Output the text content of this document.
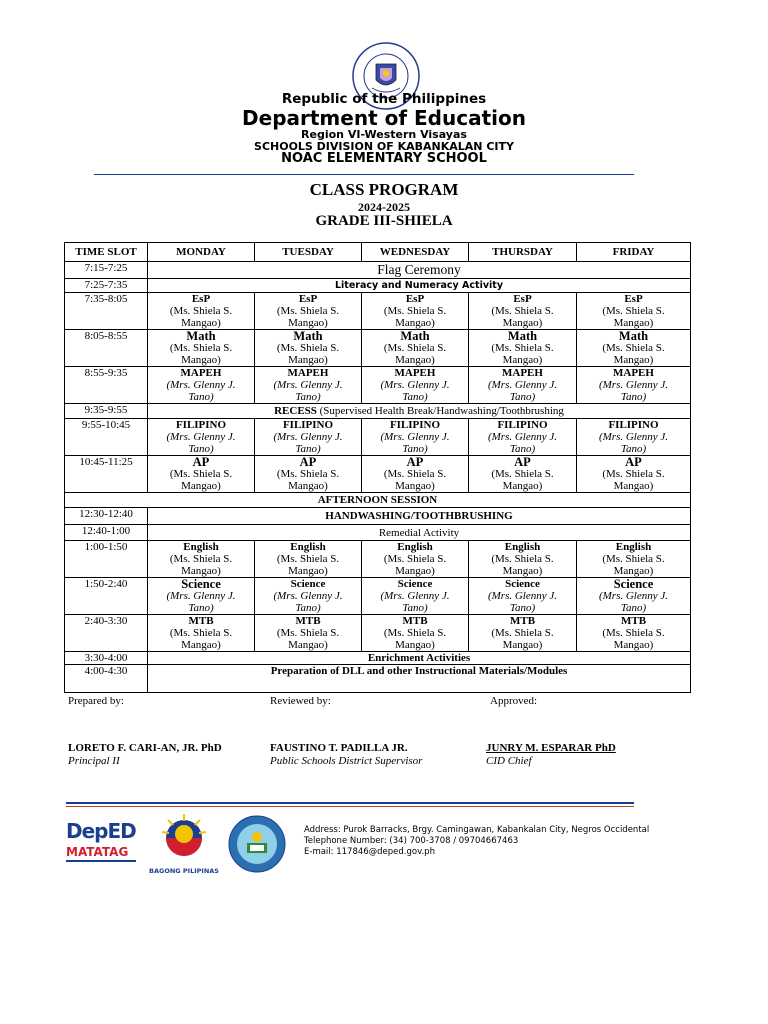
Republic of the Philippines
Department of Education
Region VI-Western Visayas
SCHOOLS DIVISION OF KABANKALAN CITY
NOAC ELEMENTARY SCHOOL
CLASS PROGRAM
2024-2025
GRADE III-SHIELA
TIME SLOT	MONDAY	TUESDAY	WEDNESDAY	THURSDAY	FRIDAY
7:15-7:25	Flag Ceremony				
7:25-7:35	Literacy and Numeracy Activity				
7:35-8:05	EsP
(Ms. Shiela S.
Mangao)	EsP
(Ms. Shiela S.
Mangao)	EsP
(Ms. Shiela S.
Mangao)	EsP
(Ms. Shiela S.
Mangao)	EsP
(Ms. Shiela S.
Mangao)

8:05-8:55	Math
(Ms. Shiela S.
Mangao)	Math
(Ms. Shiela S.
Mangao)	Math
(Ms. Shiela S.
Mangao)	Math
(Ms. Shiela S.
Mangao)	Math
(Ms. Shiela S.
Mangao)

8:55-9:35	MAPEH
(Mrs. Glenny J.
Tano)	MAPEH
(Mrs. Glenny J.
Tano)	MAPEH
(Mrs. Glenny J.
Tano)	MAPEH
(Mrs. Glenny J.
Tano)	MAPEH
(Mrs. Glenny J.
Tano)

9:35-9:55	RECESS (Supervised Health Break/Handwashing/Toothbrushing				
9:55-10:45	FILIPINO
(Mrs. Glenny J.
Tano)	FILIPINO
(Mrs. Glenny J.
Tano)	FILIPINO
(Mrs. Glenny J.
Tano)	FILIPINO
(Mrs. Glenny J.
Tano)	FILIPINO
(Mrs. Glenny J.
Tano)

10:45-11:25	AP
(Ms. Shiela S.
Mangao)	AP
(Ms. Shiela S.
Mangao)	AP
(Ms. Shiela S.
Mangao)	AP
(Ms. Shiela S.
Mangao)	AP
(Ms. Shiela S.
Mangao)

AFTERNOON SESSION					
12:30-12:40	HANDWASHING/TOOTHBRUSHING				
12:40-1:00	Remedial Activity				
1:00-1:50	English
(Ms. Shiela S.
Mangao)	English
(Ms. Shiela S.
Mangao)	English
(Ms. Shiela S.
Mangao)	English
(Ms. Shiela S.
Mangao)	English
(Ms. Shiela S.
Mangao)

1:50-2:40	Science
(Mrs. Glenny J.
Tano)	Science
(Mrs. Glenny J.
Tano)	Science
(Mrs. Glenny J.
Tano)	Science
(Mrs. Glenny J.
Tano)	Science
(Mrs. Glenny J.
Tano)

2:40-3:30	MTB
(Ms. Shiela S.
Mangao)	MTB
(Ms. Shiela S.
Mangao)	MTB
(Ms. Shiela S.
Mangao)	MTB
(Ms. Shiela S.
Mangao)	MTB
(Ms. Shiela S.
Mangao)

3:30-4:00	Enrichment Activities				
4:00-4:30	Preparation of DLL and other Instructional Materials/Modules				
Prepared by:	Reviewed by:	Approved:
LORETO F. CARI-AN, JR. PhD
Principal II
FAUSTINO T. PADILLA JR.
Public Schools District Supervisor
JUNRY M. ESPARAR PhD
CID Chief
DepED
MATATAG
BAGONG PILIPINAS
Address: Purok Barracks, Brgy. Camingawan, Kabankalan City, Negros Occidental
Telephone Number: (34) 700-3708 / 09704667463
E-mail: 117846@deped.gov.ph
